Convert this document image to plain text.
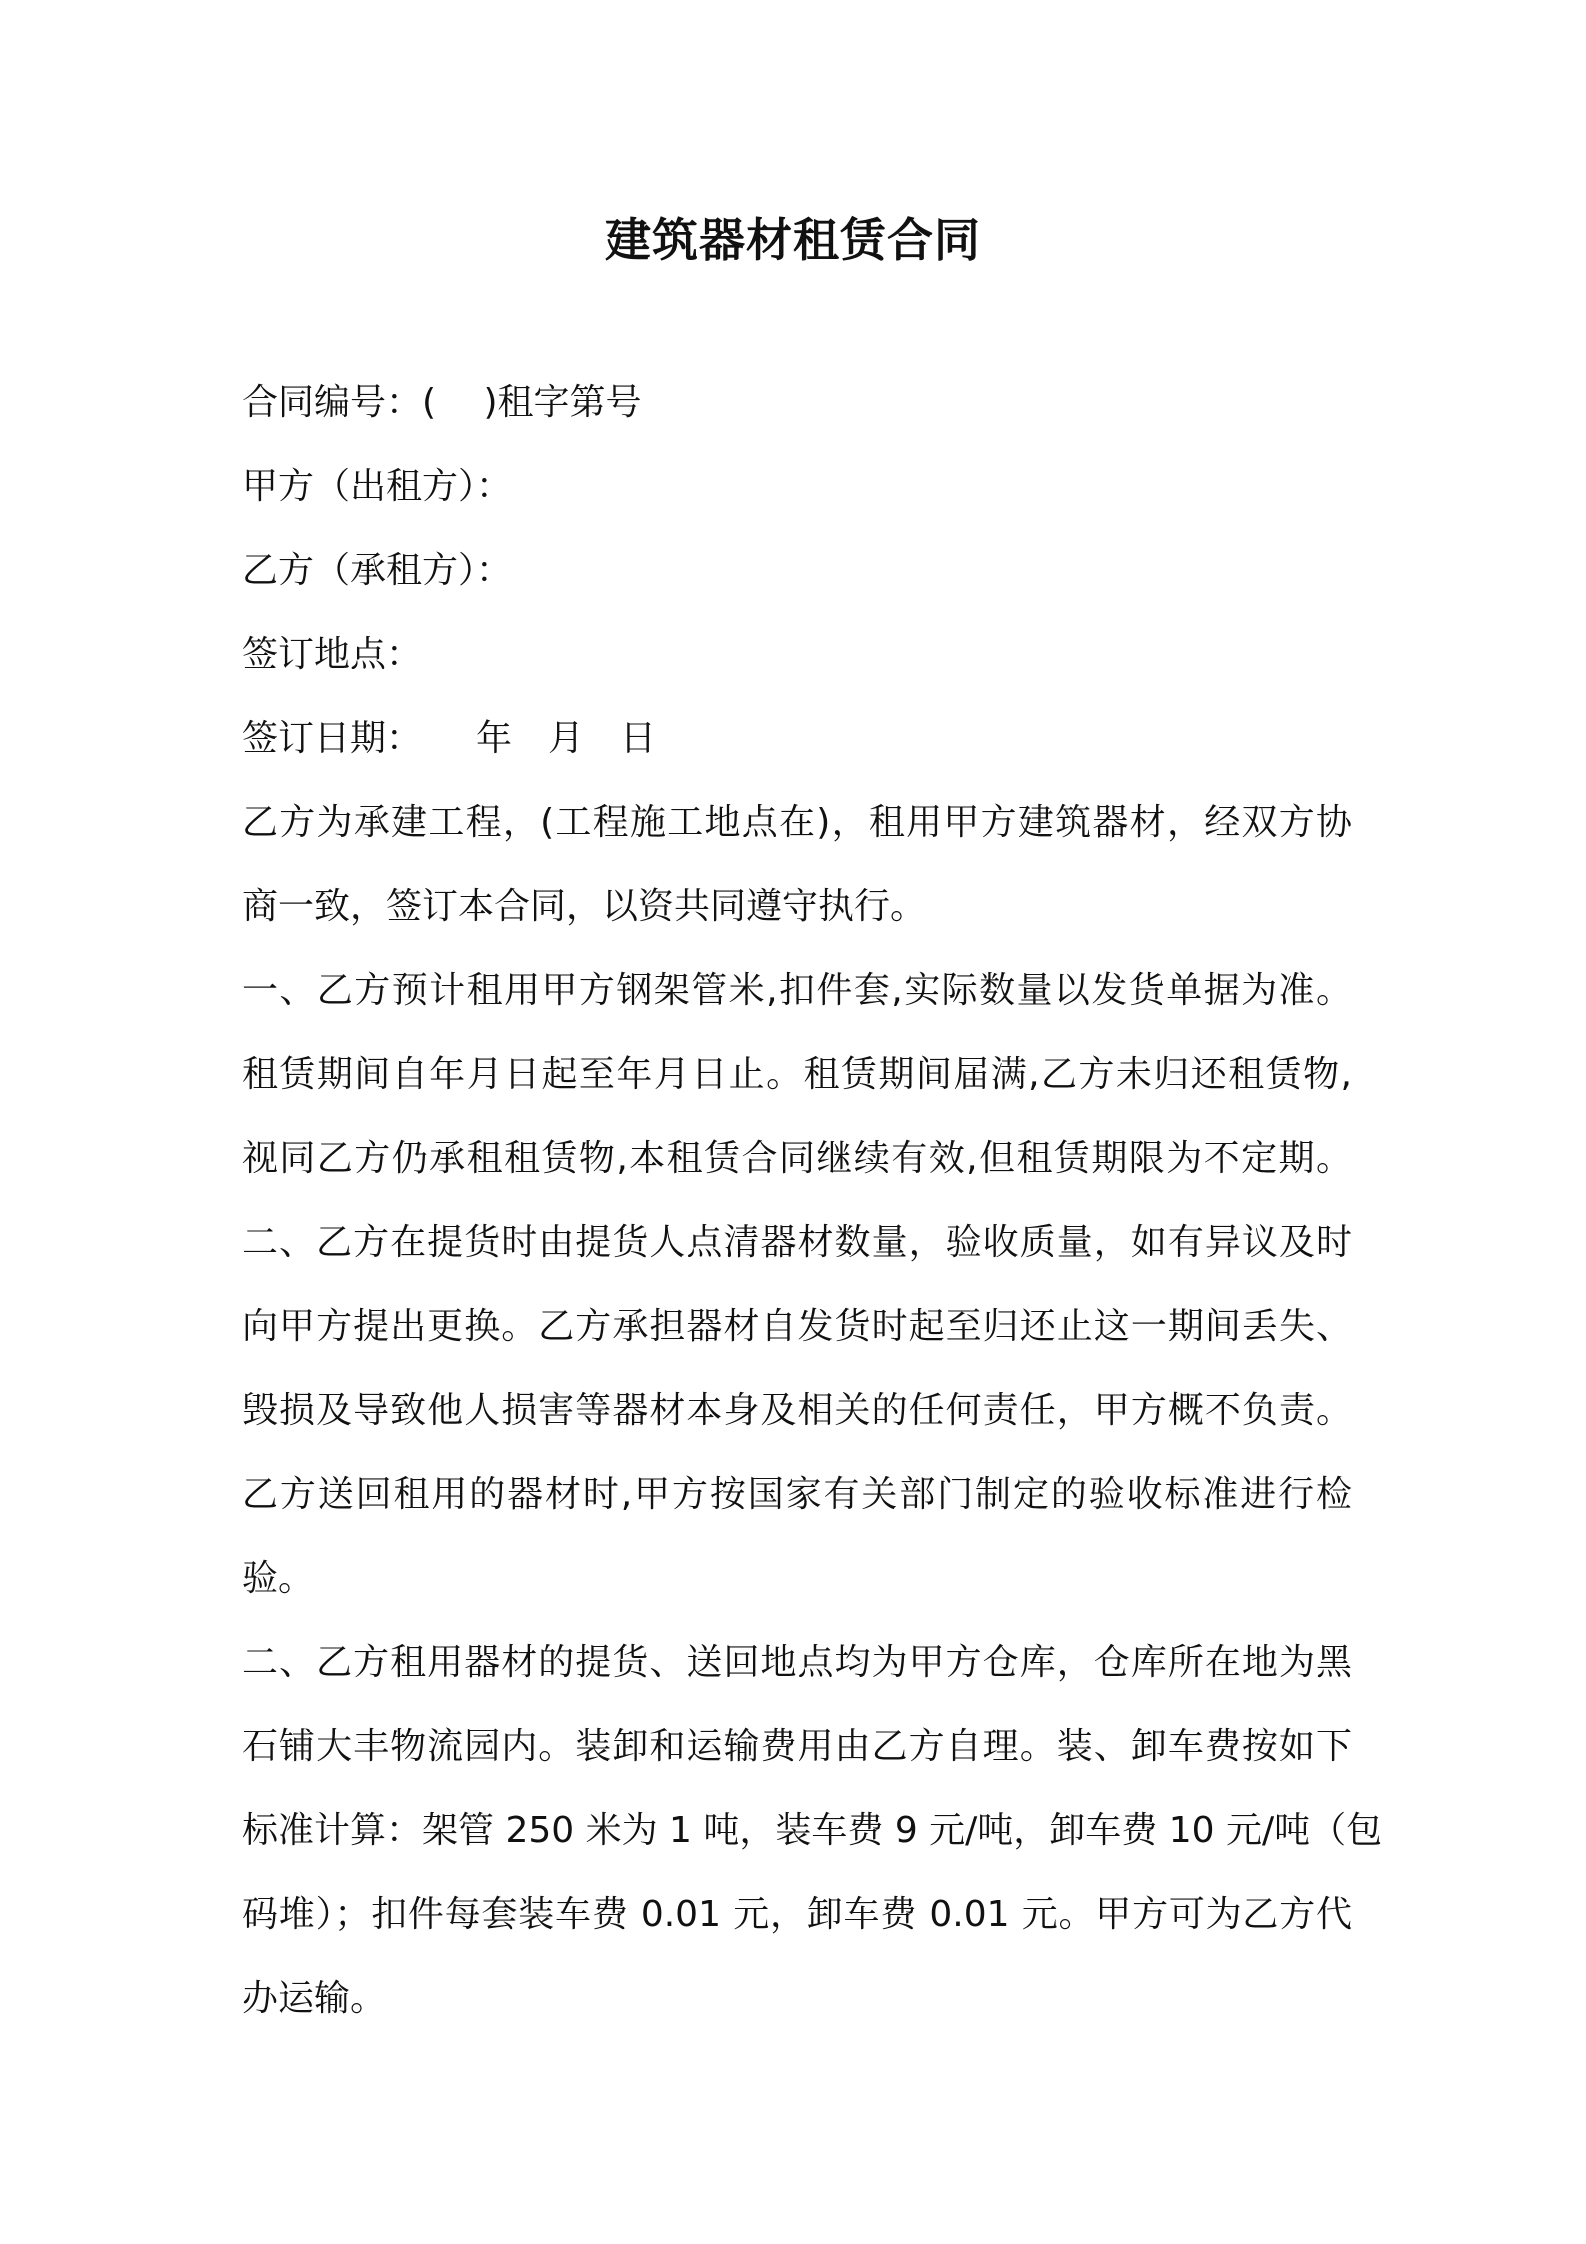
建筑器材租赁合同
合同编号：(　 )租字第号
甲方（出租方）：
乙方（承租方）：
签订地点：
签订日期：　　年　月　日
乙方为承建工程，(工程施工地点在)，租用甲方建筑器材，经双方协
商一致，签订本合同，以资共同遵守执行。
一、乙方预计租用甲方钢架管米,扣件套,实际数量以发货单据为准。
租赁期间自年月日起至年月日止。租赁期间届满,乙方未归还租赁物,
视同乙方仍承租租赁物,本租赁合同继续有效,但租赁期限为不定期。
二、乙方在提货时由提货人点清器材数量，验收质量，如有异议及时
向甲方提出更换。乙方承担器材自发货时起至归还止这一期间丢失、
毁损及导致他人损害等器材本身及相关的任何责任，甲方概不负责。
乙方送回租用的器材时,甲方按国家有关部门制定的验收标准进行检
验。
二、乙方租用器材的提货、送回地点均为甲方仓库，仓库所在地为黑
石铺大丰物流园内。装卸和运输费用由乙方自理。装、卸车费按如下
标准计算：架管 250 米为 1 吨，装车费 9 元/吨，卸车费 10 元/吨（包
码堆）；扣件每套装车费 0.01 元，卸车费 0.01 元。甲方可为乙方代
办运输。
